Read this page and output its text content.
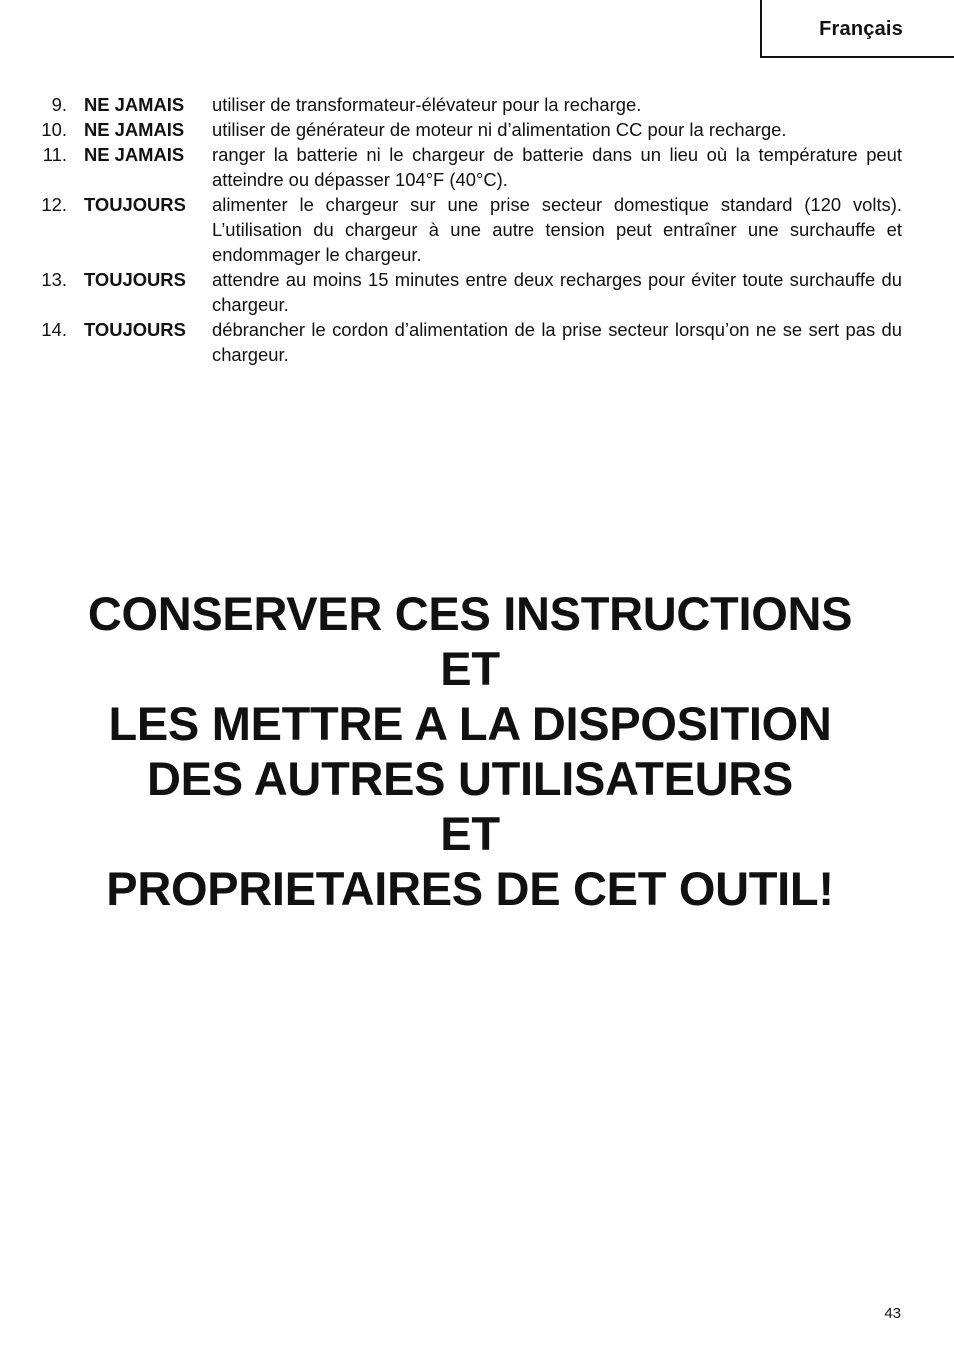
Français
9. NE JAMAIS	utiliser de transformateur-élévateur pour la recharge.
10. NE JAMAIS	utiliser de générateur de moteur ni d’alimentation CC pour la recharge.
11. NE JAMAIS	ranger la batterie ni le chargeur de batterie dans un lieu où la température peut atteindre ou dépasser 104°F (40°C).
12. TOUJOURS	alimenter le chargeur sur une prise secteur domestique standard (120 volts). L’utilisation du chargeur à une autre tension peut entraîner une surchauffe et endommager le chargeur.
13. TOUJOURS	attendre au moins 15 minutes entre deux recharges pour éviter toute surchauffe du chargeur.
14. TOUJOURS	débrancher le cordon d’alimentation de la prise secteur lorsqu’on ne se sert pas du chargeur.
CONSERVER CES INSTRUCTIONS
ET
LES METTRE A LA DISPOSITION
DES AUTRES UTILISATEURS
ET
PROPRIETAIRES DE CET OUTIL!
43
